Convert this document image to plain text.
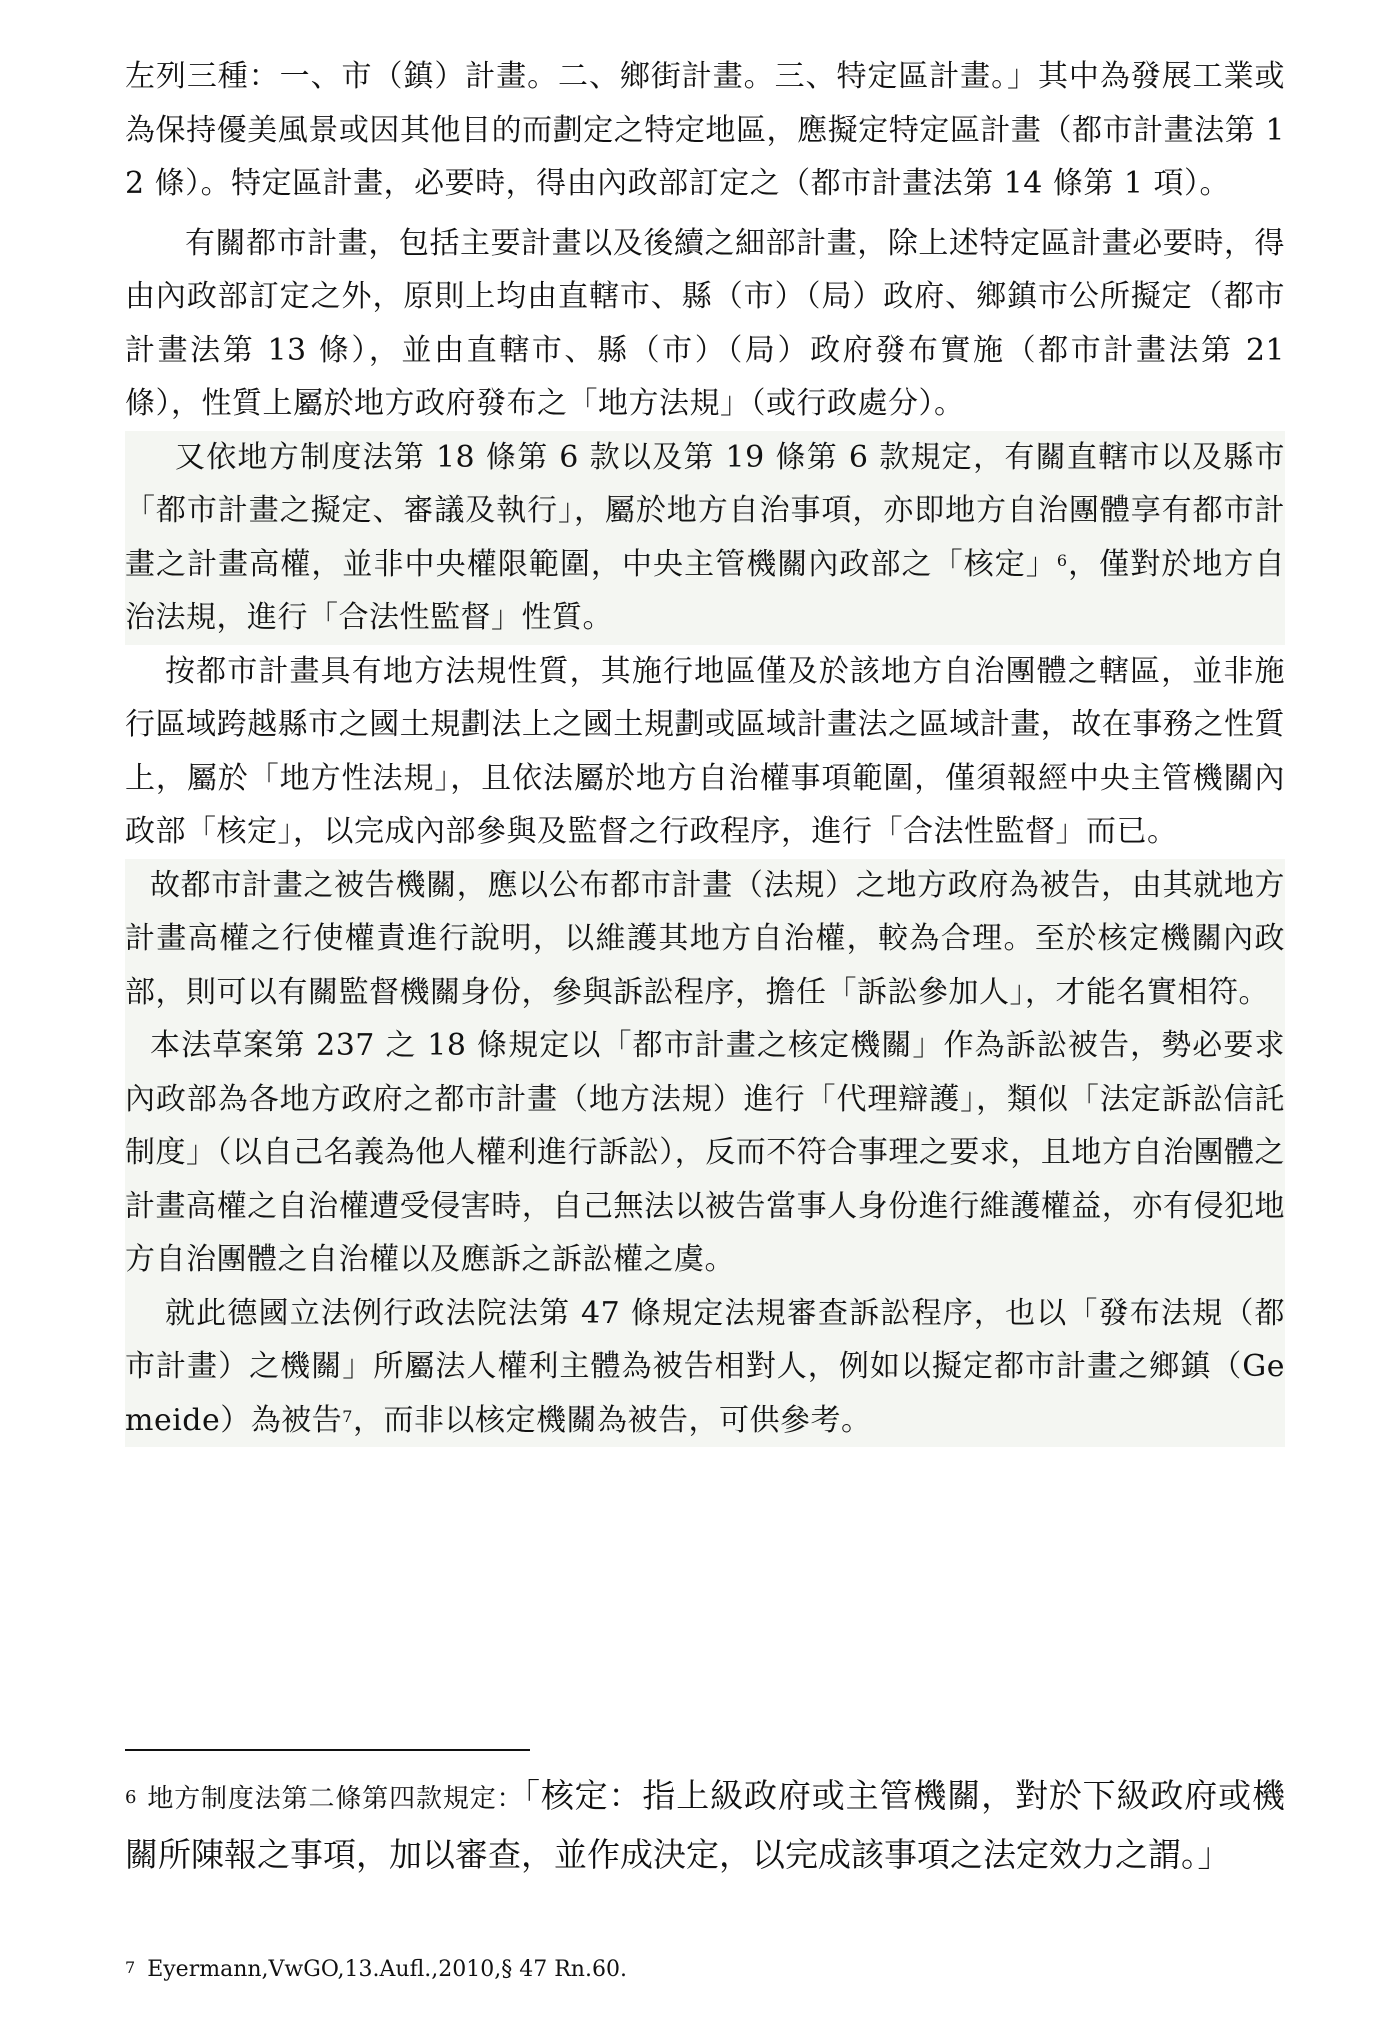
左列三種：一、市（鎮）計畫。二、鄉街計畫。三、特定區計畫。」其中為發展工業或為保持優美風景或因其他目的而劃定之特定地區，應擬定特定區計畫（都市計畫法第 12 條）。特定區計畫，必要時，得由內政部訂定之（都市計畫法第 14 條第 1 項）。

有關都市計畫，包括主要計畫以及後續之細部計畫，除上述特定區計畫必要時，得由內政部訂定之外，原則上均由直轄市、縣（市）（局）政府、鄉鎮市公所擬定（都市計畫法第 13 條），並由直轄市、縣（市）（局）政府發布實施（都市計畫法第 21 條），性質上屬於地方政府發布之「地方法規」（或行政處分）。

又依地方制度法第 18 條第 6 款以及第 19 條第 6 款規定，有關直轄市以及縣市「都市計畫之擬定、審議及執行」，屬於地方自治事項，亦即地方自治團體享有都市計畫之計畫高權，並非中央權限範圍，中央主管機關內政部之「核定」$^6$，僅對於地方自治法規，進行「合法性監督」性質。

按都市計畫具有地方法規性質，其施行地區僅及於該地方自治團體之轄區，並非施行區域跨越縣市之國土規劃法上之國土規劃或區域計畫法之區域計畫，故在事務之性質上，屬於「地方性法規」，且依法屬於地方自治權事項範圍，僅須報經中央主管機關內政部「核定」，以完成內部參與及監督之行政程序，進行「合法性監督」而已。

故都市計畫之被告機關，應以公布都市計畫（法規）之地方政府為被告，由其就地方計畫高權之行使權責進行說明，以維護其地方自治權，較為合理。至於核定機關內政部，則可以有關監督機關身份，參與訴訟程序，擔任「訴訟參加人」，才能名實相符。

本法草案第 237 之 18 條規定以「都市計畫之核定機關」作為訴訟被告，勢必要求內政部為各地方政府之都市計畫（地方法規）進行「代理辯護」，類似「法定訴訟信託制度」（以自己名義為他人權利進行訴訟），反而不符合事理之要求，且地方自治團體之計畫高權之自治權遭受侵害時，自己無法以被告當事人身份進行維護權益，亦有侵犯地方自治團體之自治權以及應訴之訴訟權之虞。

就此德國立法例行政法院法第 47 條規定法規審查訴訟程序，也以「發布法規（都市計畫）之機關」所屬法人權利主體為被告相對人，例如以擬定都市計畫之鄉鎮（Gemeide）為被告$^7$，而非以核定機關為被告，可供參考。

$^6$ 地方制度法第二條第四款規定：「核定：指上級政府或主管機關，對於下級政府或機關所陳報之事項，加以審查，並作成決定，以完成該事項之法定效力之謂。」

$^7$ Eyermann,VwGO,13.Aufl.,2010,§ 47 Rn.60.
